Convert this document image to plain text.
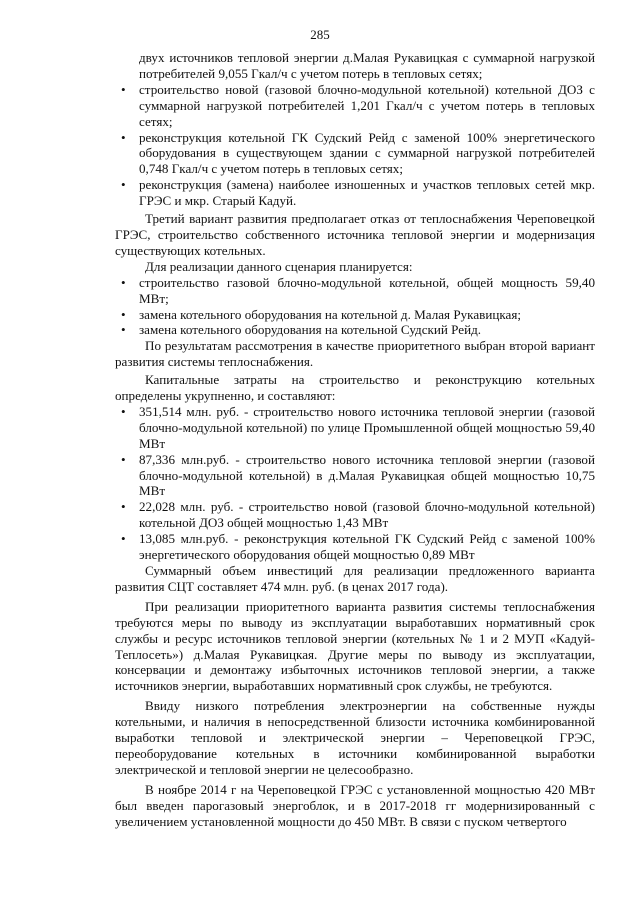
285

двух источников тепловой энергии д.Малая Рукавицкая с суммарной нагрузкой потребителей 9,055 Гкал/ч с учетом потерь в тепловых сетях;

• строительство новой (газовой блочно-модульной котельной) котельной ДОЗ с суммарной нагрузкой потребителей 1,201 Гкал/ч с учетом потерь в тепловых сетях;
• реконструкция котельной ГК Судский Рейд с заменой 100% энергетического оборудования в существующем здании с суммарной нагрузкой потребителей 0,748 Гкал/ч с учетом потерь в тепловых сетях;
• реконструкция (замена) наиболее изношенных и участков тепловых сетей мкр. ГРЭС и мкр. Старый Кадуй.

Третий вариант развития предполагает отказ от теплоснабжения Череповецкой ГРЭС, строительство собственного источника тепловой энергии и модернизация существующих котельных.

Для реализации данного сценария планируется:

• строительство газовой блочно-модульной котельной, общей мощность 59,40 МВт;
• замена котельного оборудования на котельной д. Малая Рукавицкая;
• замена котельного оборудования на котельной Судский Рейд.

По результатам рассмотрения в качестве приоритетного выбран второй вариант развития системы теплоснабжения.

Капитальные затраты на строительство и реконструкцию котельных определены укрупненно, и составляют:

• 351,514 млн. руб. - строительство нового источника тепловой энергии (газовой блочно-модульной котельной) по улице Промышленной общей мощностью 59,40 МВт
• 87,336 млн.руб. - строительство нового источника тепловой энергии (газовой блочно-модульной котельной) в д.Малая Рукавицкая общей мощностью 10,75 МВт
• 22,028 млн. руб. - строительство новой (газовой блочно-модульной котельной) котельной ДОЗ общей мощностью 1,43 МВт
• 13,085 млн.руб. - реконструкция котельной ГК Судский Рейд с заменой 100% энергетического оборудования общей мощностью 0,89 МВт

Суммарный объем инвестиций для реализации предложенного варианта развития СЦТ составляет 474 млн. руб. (в ценах 2017 года).

При реализации приоритетного варианта развития системы теплоснабжения требуются меры по выводу из эксплуатации выработавших нормативный срок службы и ресурс источников тепловой энергии (котельных № 1 и 2 МУП «Кадуй-Теплосеть») д.Малая Рукавицкая. Другие меры по выводу из эксплуатации, консервации и демонтажу избыточных источников тепловой энергии, а также источников энергии, выработавших нормативный срок службы, не требуются.

Ввиду низкого потребления электроэнергии на собственные нужды котельными, и наличия в непосредственной близости источника комбинированной выработки тепловой и электрической энергии – Череповецкой ГРЭС, переоборудование котельных в источники комбинированной выработки электрической и тепловой энергии не целесообразно.

В ноябре 2014 г на Череповецкой ГРЭС с установленной мощностью 420 МВт был введен парогазовый энергоблок, и в 2017-2018 гг модернизированный с увеличением установленной мощности до 450 МВт. В связи с пуском четвертого
